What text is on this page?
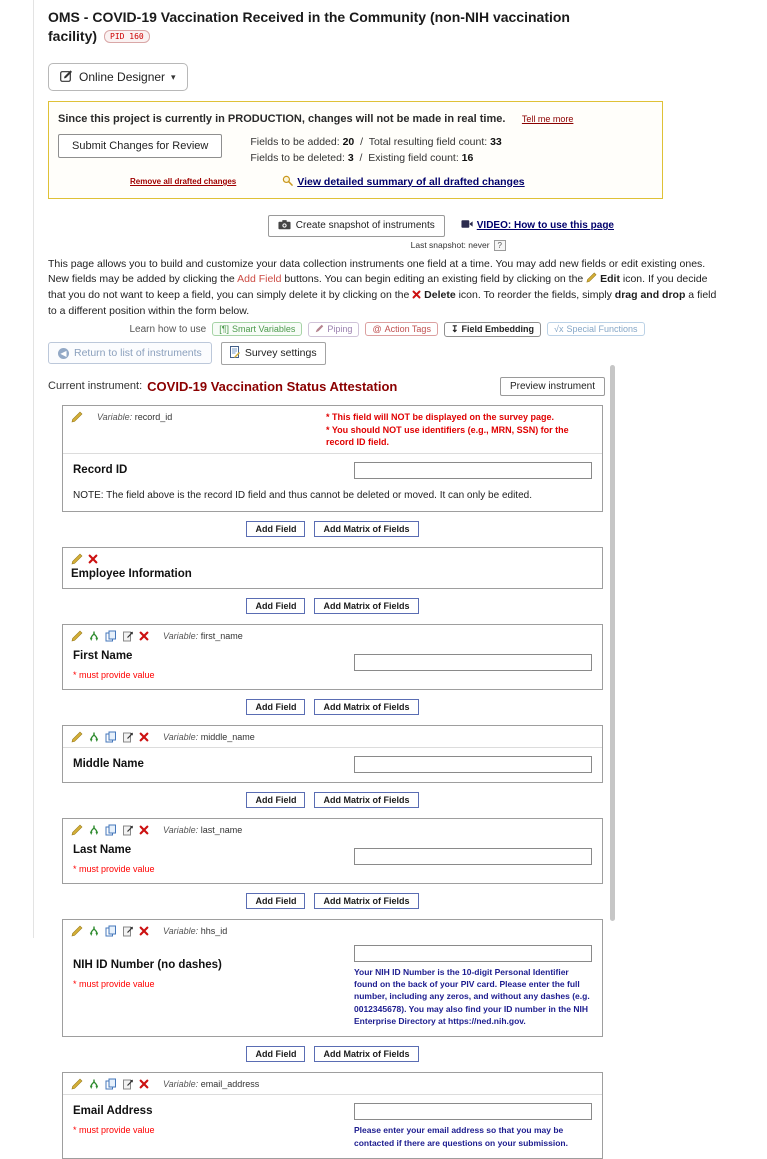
OMS - COVID-19 Vaccination Received in the Community (non-NIH vaccination facility) PID 160
Online Designer ▾
Since this project is currently in PRODUCTION, changes will not be made in real time. Tell me more
Submit Changes for Review	Fields to be added: 20 / Total resulting field count: 33
Fields to be deleted: 3 / Existing field count: 16
Remove all drafted changes	View detailed summary of all drafted changes
Create snapshot of instruments	VIDEO: How to use this page
Last snapshot: never ?
This page allows you to build and customize your data collection instruments one field at a time. You may add new fields or edit existing ones. New fields may be added by clicking the Add Field buttons. You can begin editing an existing field by clicking on the  Edit icon. If you decide that you do not want to keep a field, you can simply delete it by clicking on the  Delete icon. To reorder the fields, simply drag and drop a field to a different position within the form below.
Learn how to use [¶] Smart Variables	Piping @ Action Tags ↧ Field Embedding √x Special Functions
◀ Return to list of instruments	Survey settings
Current instrument: COVID-19 Vaccination Status Attestation	Preview instrument
Variable: record_id	* This field will NOT be displayed on the survey page.
* You should NOT use identifiers (e.g., MRN, SSN) for the record ID field.
Record ID
NOTE: The field above is the record ID field and thus cannot be deleted or moved. It can only be edited.
Add Field	Add Matrix of Fields
Employee Information
Add Field	Add Matrix of Fields
Variable: first_name
First Name
* must provide value
Add Field	Add Matrix of Fields
Variable: middle_name
Middle Name
Add Field	Add Matrix of Fields
Variable: last_name
Last Name
* must provide value
Add Field	Add Matrix of Fields
Variable: hhs_id
NIH ID Number (no dashes)
* must provide value
Your NIH ID Number is the 10-digit Personal Identifier found on the back of your PIV card. Please enter the full number, including any zeros, and without any dashes (e.g. 0012345678). You may also find your ID number in the NIH Enterprise Directory at https://ned.nih.gov.
Add Field	Add Matrix of Fields
Variable: email_address
Email Address
* must provide value	Please enter your email address so that you may be contacted if there are questions on your submission.
